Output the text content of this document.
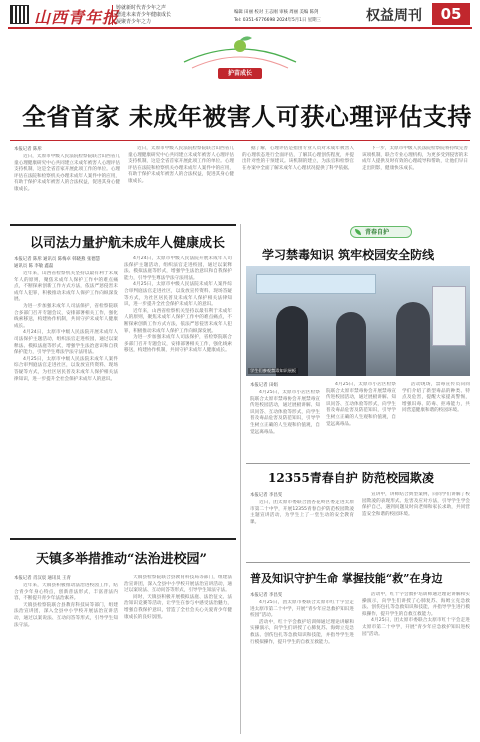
山西青年报
铸就新时代青少年之声
增进未来青少年健康成长
凝聚青少年之力
编辑 田丽 校对 王志刚 审核 周丽 美编 陈剑
Tel: 0351-6776698 2024年5月1日 星期三	权益周刊	05
护苗成长
全省首家 未成年被害人可获心理评估支持
本报记者 陈彤

近日，太原市中级人民法院检察院联合山西省儿童心理健康研究中心共同建立未成年被害人心理评估支持机制，这是全省首家开展此项工作的单位。心理评估在法院和检察机关办理未成年人案件中的应用，有助于保护未成年被害人的合法权益，促进其身心健康成长。

近日，太原市中级人民法院检察院联合山西省儿童心理健康研究中心共同建立未成年被害人心理评估支持机制，这是全省首家开展此项工作的单位。心理评估在法院和检察机关办理未成年人案件中的应用，有助于保护未成年被害人的合法权益，促进其身心健康成长。

据了解，心理评估是指由专业人员对未成年被害人的心理状态进行全面评估，了解其心理创伤程度，并提出针对性的干预建议。该机制的建立，为法官和检察官在办案中全面了解未成年人心理状况提供了科学依据。

下一步，太原市中级人民法院检察院将持续完善该项机制，联合专业心理机构，为更多受到侵害的未成年人提供及时有效的心理疏导和帮助，让他们早日走出阴影，健康快乐成长。

以司法力量护航未成年人健康成长
本报记者 陈彤 通讯员 陈梅卓 韩晓燕 张德慧
通讯员 陈 李敏 鑫磊

近年来，山西省检察机关坚持以最有利于未成年人的原则，聚焦未成年人保护工作中的难点痛点，不断探索创新工作方式方法，依法严惩侵害未成年人犯罪，积极推动未成年人保护工作向纵深发展。

为进一步加强未成年人司法保护，省检察院联合多部门召开专题会议，安排部署相关工作，强化线索移送，构建协作机制，共同守护未成年人健康成长。

4月24日，太原市中级人民法院开展未成年人司法保护主题活动，组织法官走进校园，通过以案释法、模拟法庭等形式，增强学生法治意识和自我保护能力，引导学生尊法学法守法用法。

4月25日，太原市中级人民法院未成年人案件综合审判庭法官走进社区，以发放宣传资料、现场答疑等方式，为社区居民普及未成年人保护相关法律知识，进一步提升全社会保护未成年人的意识。

4月24日，太原市中级人民法院开展未成年人司法保护主题活动，组织法官走进校园，通过以案释法、模拟法庭等形式，增强学生法治意识和自我保护能力，引导学生尊法学法守法用法。

4月25日，太原市中级人民法院未成年人案件综合审判庭法官走进社区，以发放宣传资料、现场答疑等方式，为社区居民普及未成年人保护相关法律知识，进一步提升全社会保护未成年人的意识。

近年来，山西省检察机关坚持以最有利于未成年人的原则，聚焦未成年人保护工作中的难点痛点，不断探索创新工作方式方法，依法严惩侵害未成年人犯罪，积极推动未成年人保护工作向纵深发展。

为进一步加强未成年人司法保护，省检察院联合多部门召开专题会议，安排部署相关工作，强化线索移送，构建协作机制，共同守护未成年人健康成长。

青春自护
学习禁毒知识 筑牢校园安全防线
学生们参观禁毒知识展板
本报记者 田娟

4月25日，太原市小店区检察院联合太原市禁毒协会开展禁毒宣传进校园活动，通过展板讲解、知识问答、互动体验等形式，向学生普及毒品危害及防范知识，引导学生树立正确的人生观和价值观，自觉远离毒品。

4月25日，太原市小店区检察院联合太原市禁毒协会开展禁毒宣传进校园活动，通过展板讲解、知识问答、互动体验等形式，向学生普及毒品危害及防范知识，引导学生树立正确的人生观和价值观，自觉远离毒品。

活动现场，禁毒宣传员向同学们介绍了新型毒品的种类、特点及危害，提醒大家提高警惕，增强识毒、防毒、拒毒能力，共同营造健康和谐的校园环境。

12355青春自护 防范校园欺凌
本报记者 李昌雯

近日，团太原市委联合团杏花岭区委走进太原市第二十中学，开展12355青春自护防范校园欺凌主题宣讲活动，为学生上了一堂生动的安全教育课。

宣讲中，讲师结合典型案例，向同学们讲解了校园欺凌的表现形式、危害及应对方法，引导学生学会保护自己，遇到问题及时向老师和家长求助，共同营造安全和谐的校园环境。

天镇多举措推动“法治进校园”
本报记者 肖汉宸 通讯员 王青

近年来，天镇县积极推动法治进校园工作，结合青少年身心特点，创新普法形式，丰富普法内容，不断提升青少年法治素养。

天镇县检察院联合县教育科技局等部门，组建法治宣讲团，深入全县中小学校开展法治宣讲活动，通过以案说法、互动问答等形式，引导学生知法守法。

天镇县检察院联合县教育科技局等部门，组建法治宣讲团，深入全县中小学校开展法治宣讲活动，通过以案说法、互动问答等形式，引导学生知法守法。

同时，天镇县积极开展模拟法庭、法治征文、法治知识竞赛等活动，让学生在参与中感受法治魅力，增强自我保护意识，营造了全社会关心关爱青少年健康成长的良好氛围。

普及知识守护生命 掌握技能“救”在身边
本报记者 李昌雯

4月25日，团太原市委联合太原市红十字会走进太原市第二十中学，开展“青少年应急救护知识进校园”活动。

活动中，红十字会救护培训师通过理论讲解和实操演示，向学生们讲授了心肺复苏、海姆立克急救法、创伤包扎等急救知识和技能，并指导学生进行模拟操作，提升学生的自救互救能力。

活动中，红十字会救护培训师通过理论讲解和实操演示，向学生们讲授了心肺复苏、海姆立克急救法、创伤包扎等急救知识和技能，并指导学生进行模拟操作，提升学生的自救互救能力。

4月25日，团太原市委联合太原市红十字会走进太原市第二十中学，开展“青少年应急救护知识进校园”活动。
